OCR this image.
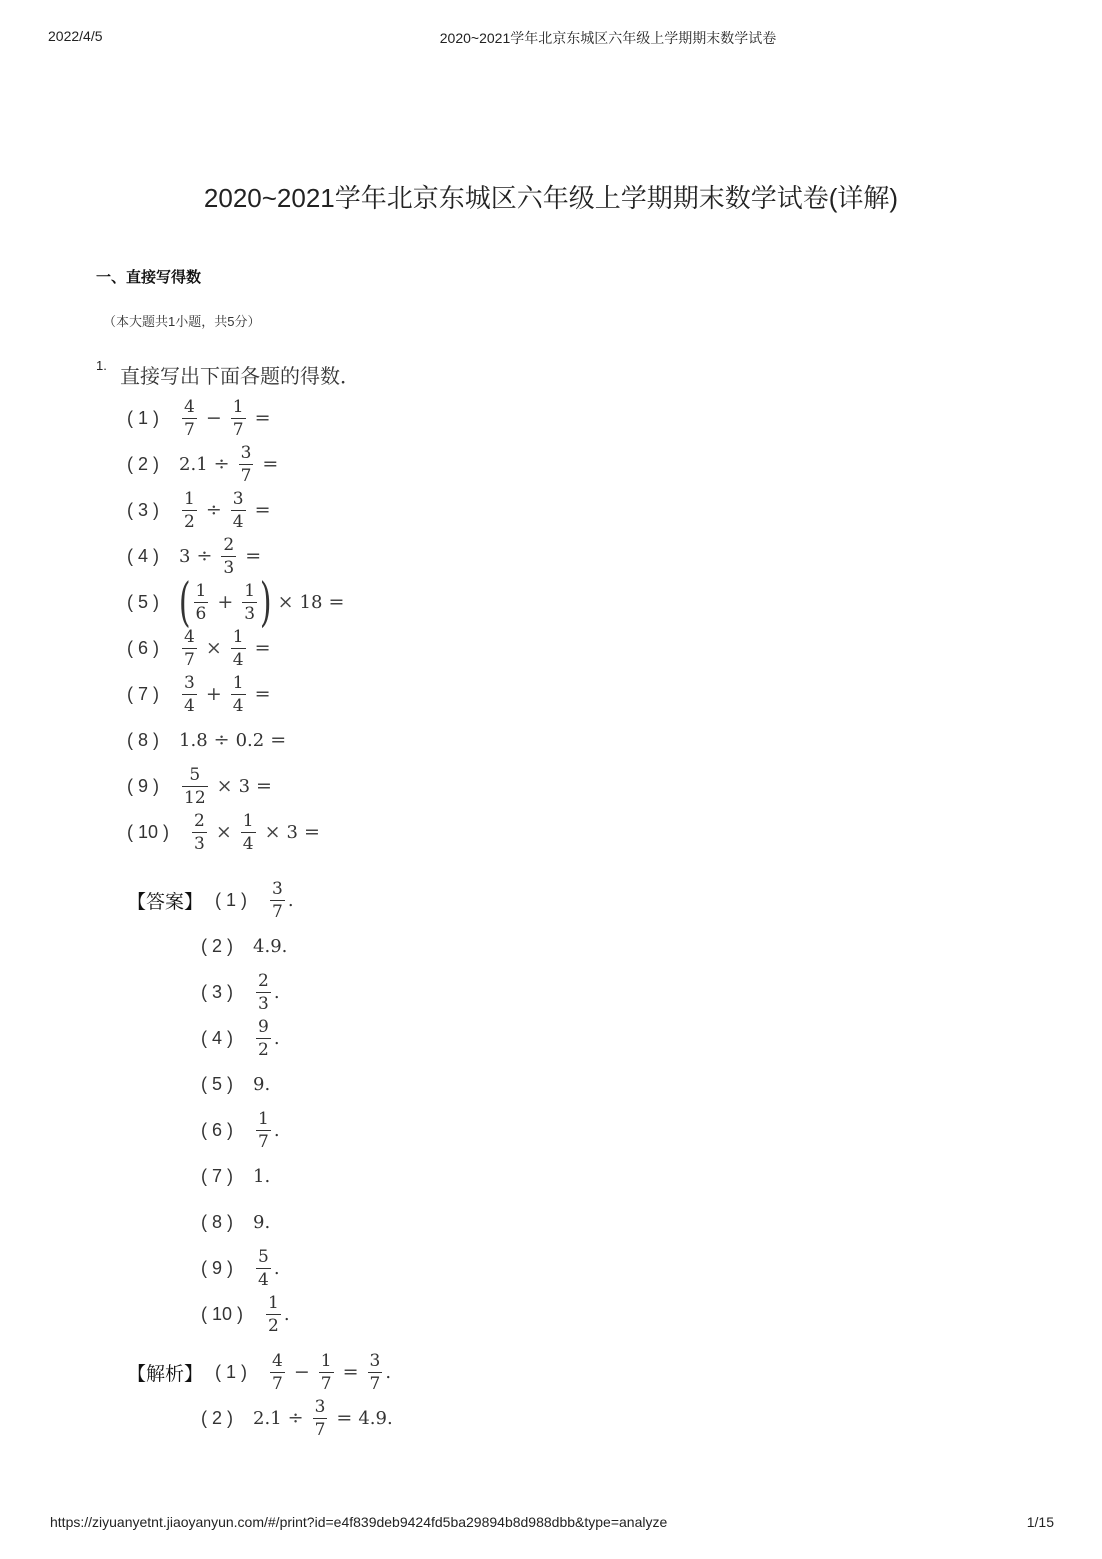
2022/4/5	2020~2021学年北京东城区六年级上学期期末数学试卷
2020~2021学年北京东城区六年级上学期期末数学试卷(详解)
一、直接写得数
（本大题共1小题，共5分）
1.
直接写出下面各题的得数．
( 1 ) $\frac{4}{7} - \frac{1}{7}$ =
( 2 ) $2.1 \div \frac{3}{7}$ =
( 3 ) $\frac{1}{2} \div \frac{3}{4}$ =
( 4 ) $3 \div \frac{2}{3}$ =
( 5 ) ( $\frac{1}{6} + \frac{1}{3}$ ) × 18 =
( 6 ) $\frac{4}{7} \times \frac{1}{4}$ =
( 7 ) $\frac{3}{4} + \frac{1}{4}$ =
( 8 ) 1.8 ÷ 0.2 =
( 9 ) $\frac{5}{12} \times 3$ =
( 10 ) $\frac{2}{3} \times \frac{1}{4} \times 3$ =
【答案】 ( 1 ) $\frac{3}{7}$ .
( 2 ) 4.9.
( 3 ) $\frac{2}{3}$ .
( 4 ) $\frac{9}{2}$ .
( 5 ) 9.
( 6 ) $\frac{1}{7}$ .
( 7 ) 1.
( 8 ) 9.
( 9 ) $\frac{5}{4}$ .
( 10 ) $\frac{1}{2}$ .
【解析】 ( 1 ) $\frac{4}{7} - \frac{1}{7} = \frac{3}{7}$ .
( 2 ) $2.1 \div \frac{3}{7} = 4.9$.
https://ziyuanyetnt.jiaoyanyun.com/#/print?id=e4f839deb9424fd5ba29894b8d988dbb&type=analyze	1/15
